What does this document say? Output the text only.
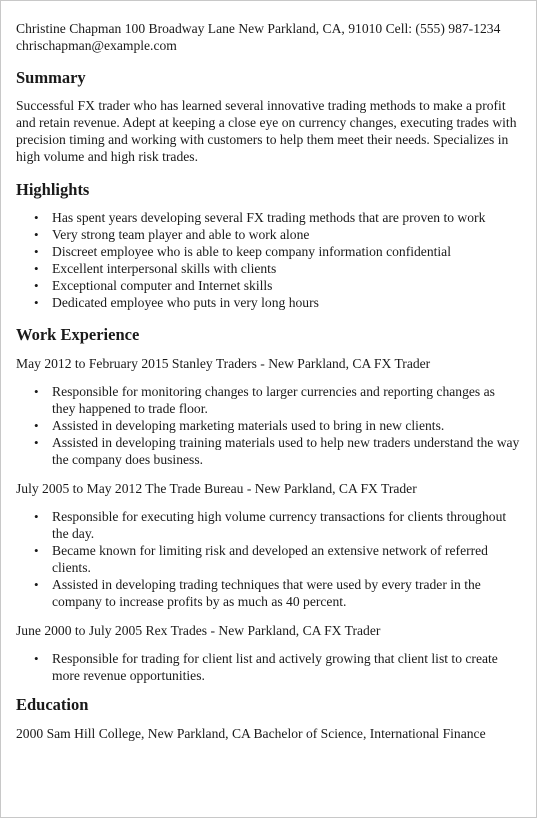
Christine Chapman 100 Broadway Lane New Parkland, CA, 91010 Cell: (555) 987-1234 chrischapman@example.com
Summary

Successful FX trader who has learned several innovative trading methods to make a profit and retain revenue. Adept at keeping a close eye on currency changes, executing trades with precision timing and working with customers to help them meet their needs. Specializes in high volume and high risk trades.

Highlights
• Has spent years developing several FX trading methods that are proven to work
• Very strong team player and able to work alone
• Discreet employee who is able to keep company information confidential
• Excellent interpersonal skills with clients
• Exceptional computer and Internet skills
• Dedicated employee who puts in very long hours
Work Experience

May 2012 to February 2015 Stanley Traders - New Parkland, CA FX Trader

• Responsible for monitoring changes to larger currencies and reporting changes as they happened to trade floor.
• Assisted in developing marketing materials used to bring in new clients.
• Assisted in developing training materials used to help new traders understand the way the company does business.

July 2005 to May 2012 The Trade Bureau - New Parkland, CA FX Trader

• Responsible for executing high volume currency transactions for clients throughout the day.
• Became known for limiting risk and developed an extensive network of referred clients.
• Assisted in developing trading techniques that were used by every trader in the company to increase profits by as much as 40 percent.

June 2000 to July 2005 Rex Trades - New Parkland, CA FX Trader

• Responsible for trading for client list and actively growing that client list to create more revenue opportunities.
Education

2000 Sam Hill College, New Parkland, CA Bachelor of Science, International Finance
